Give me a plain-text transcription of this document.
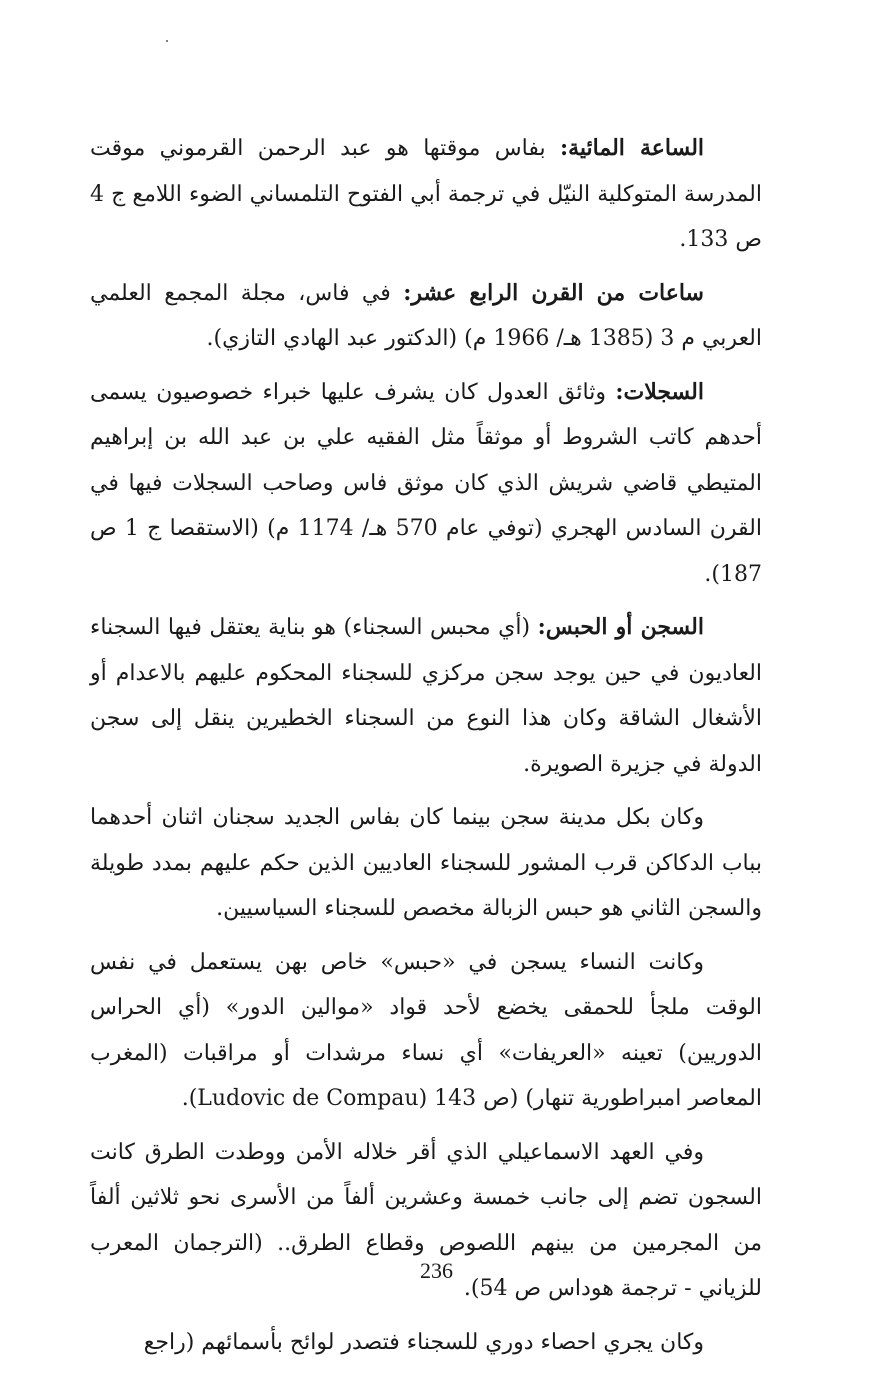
الساعة المائية: بفاس موقتها هو عبد الرحمن القرموني موقت المدرسة المتوكلية النيّل في ترجمة أبي الفتوح التلمساني الضوء اللامع ج 4 ص 133.

ساعات من القرن الرابع عشر: في فاس، مجلة المجمع العلمي العربي م 3 (1385 هـ/ 1966 م) (الدكتور عبد الهادي التازي).

السجلات: وثائق العدول كان يشرف عليها خبراء خصوصيون يسمى أحدهم كاتب الشروط أو موثقاً مثل الفقيه علي بن عبد الله بن إبراهيم المتيطي قاضي شريش الذي كان موثق فاس وصاحب السجلات فيها في القرن السادس الهجري (توفي عام 570 هـ/ 1174 م) (الاستقصا ج 1 ص 187).

السجن أو الحبس: (أي محبس السجناء) هو بناية يعتقل فيها السجناء العاديون في حين يوجد سجن مركزي للسجناء المحكوم عليهم بالاعدام أو الأشغال الشاقة وكان هذا النوع من السجناء الخطيرين ينقل إلى سجن الدولة في جزيرة الصويرة.

وكان بكل مدينة سجن بينما كان بفاس الجديد سجنان اثنان أحدهما بباب الدكاكن قرب المشور للسجناء العاديين الذين حكم عليهم بمدد طويلة والسجن الثاني هو حبس الزبالة مخصص للسجناء السياسيين.

وكانت النساء يسجن في «حبس» خاص بهن يستعمل في نفس الوقت ملجأ للحمقى يخضع لأحد قواد «موالين الدور» (أي الحراس الدوريين) تعينه «العريفات» أي نساء مرشدات أو مراقبات (المغرب المعاصر امبراطورية تنهار) (ص 143 (Ludovic de Compau).

وفي العهد الاسماعيلي الذي أقر خلاله الأمن ووطدت الطرق كانت السجون تضم إلى جانب خمسة وعشرين ألفاً من الأسرى نحو ثلاثين ألفاً من المجرمين من بينهم اللصوص وقطاع الطرق.. (الترجمان المعرب للزياني - ترجمة هوداس ص 54).

وكان يجري احصاء دوري للسجناء فتصدر لوائح بأسمائهم (راجع

236
